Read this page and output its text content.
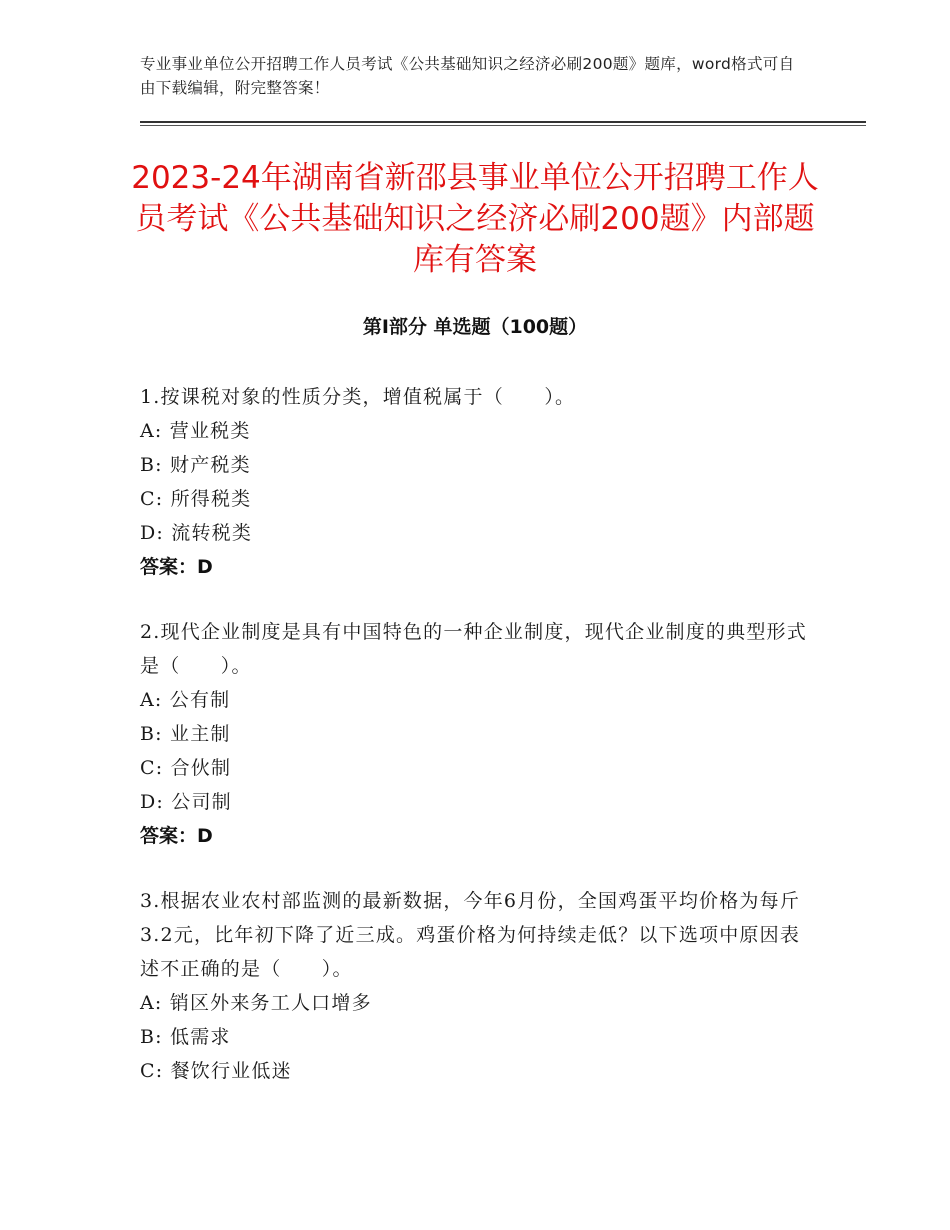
专业事业单位公开招聘工作人员考试《公共基础知识之经济必刷200题》题库，word格式可自由下载编辑，附完整答案！
2023-24年湖南省新邵县事业单位公开招聘工作人员考试《公共基础知识之经济必刷200题》内部题库有答案
第Ⅰ部分 单选题（100题）

1.按课税对象的性质分类，增值税属于（　　）。

A: 营业税类

B: 财产税类

C: 所得税类

D: 流转税类

答案：D

2.现代企业制度是具有中国特色的一种企业制度，现代企业制度的典型形式是（　　）。

A: 公有制

B: 业主制

C: 合伙制

D: 公司制

答案：D

3.根据农业农村部监测的最新数据，今年6月份，全国鸡蛋平均价格为每斤3.2元，比年初下降了近三成。鸡蛋价格为何持续走低？以下选项中原因表述不正确的是（　　）。

A: 销区外来务工人口增多

B: 低需求

C: 餐饮行业低迷
